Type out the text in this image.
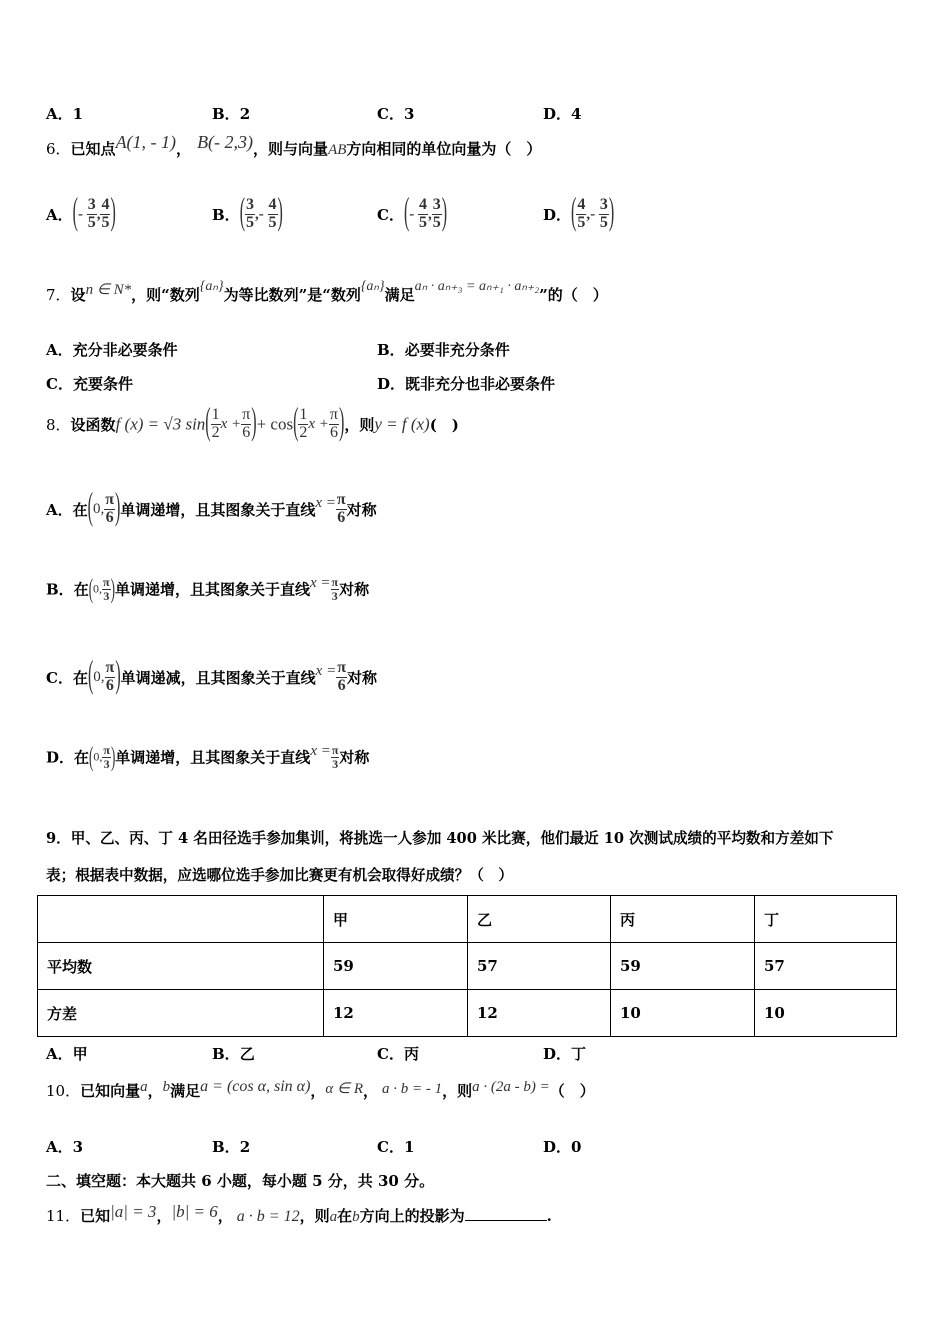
A．1	B．2	C．3	D．4
6．已知点A(1, - 1)， B(- 2,3)，则与向量AB方向相同的单位向量为（　）
A．(- $\frac{3}{5}$ , $\frac{4}{5}$ )	B．( $\frac{3}{5}$ ,- $\frac{4}{5}$ )	C．(- $\frac{4}{5}$ , $\frac{3}{5}$ )	D．( $\frac{4}{5}$ ,- $\frac{3}{5}$ )
7．设n ∈ N*，则“数列{aₙ}为等比数列”是“数列{aₙ}满足aₙ · aₙ₊₃ = aₙ₊₁ · aₙ₊₂”的（　）
A．充分非必要条件	B．必要非充分条件
C．充要条件	D．既非充分也非必要条件
8．设函数f (x) = √3 $\sin( \frac{1}{2}$ $x + \frac{\pi}{6}$ )+ $\cos( \frac{1}{2}$ $x + \frac{\pi}{6}$ )，则y = f (x)(　)
A．在(0, $\frac{\pi}{6}$ )单调递增，且其图象关于直线$x = \frac{\pi}{6}$ 对称
B．在(0, $\frac{\pi}{3}$ )单调递增，且其图象关于直线$x = \frac{\pi}{3}$ 对称
C．在(0, $\frac{\pi}{6}$ )单调递减，且其图象关于直线$x = \frac{\pi}{6}$ 对称
D．在(0, $\frac{\pi}{3}$ )单调递增，且其图象关于直线$x = \frac{\pi}{3}$ 对称
9．甲、乙、丙、丁 4 名田径选手参加集训，将挑选一人参加 400 米比赛，他们最近 10 次测试成绩的平均数和方差如下
表；根据表中数据，应选哪位选手参加比赛更有机会取得好成绩？（　）
	甲	乙	丙	丁
平均数	59	57	59	57
方差	12	12	10	10
A．甲	B．乙	C．丙	D．丁
10．已知向量a，b满足a = (cos α, sin α)，α ∈ R， a · b = - 1，则a · (2a - b) =（　）
A．3	B．2	C．1	D．0
二、填空题：本大题共 6 小题，每小题 5 分，共 30 分。
11．已知|a| = 3，|b| = 6， a · b = 12，则a在b方向上的投影为	.
